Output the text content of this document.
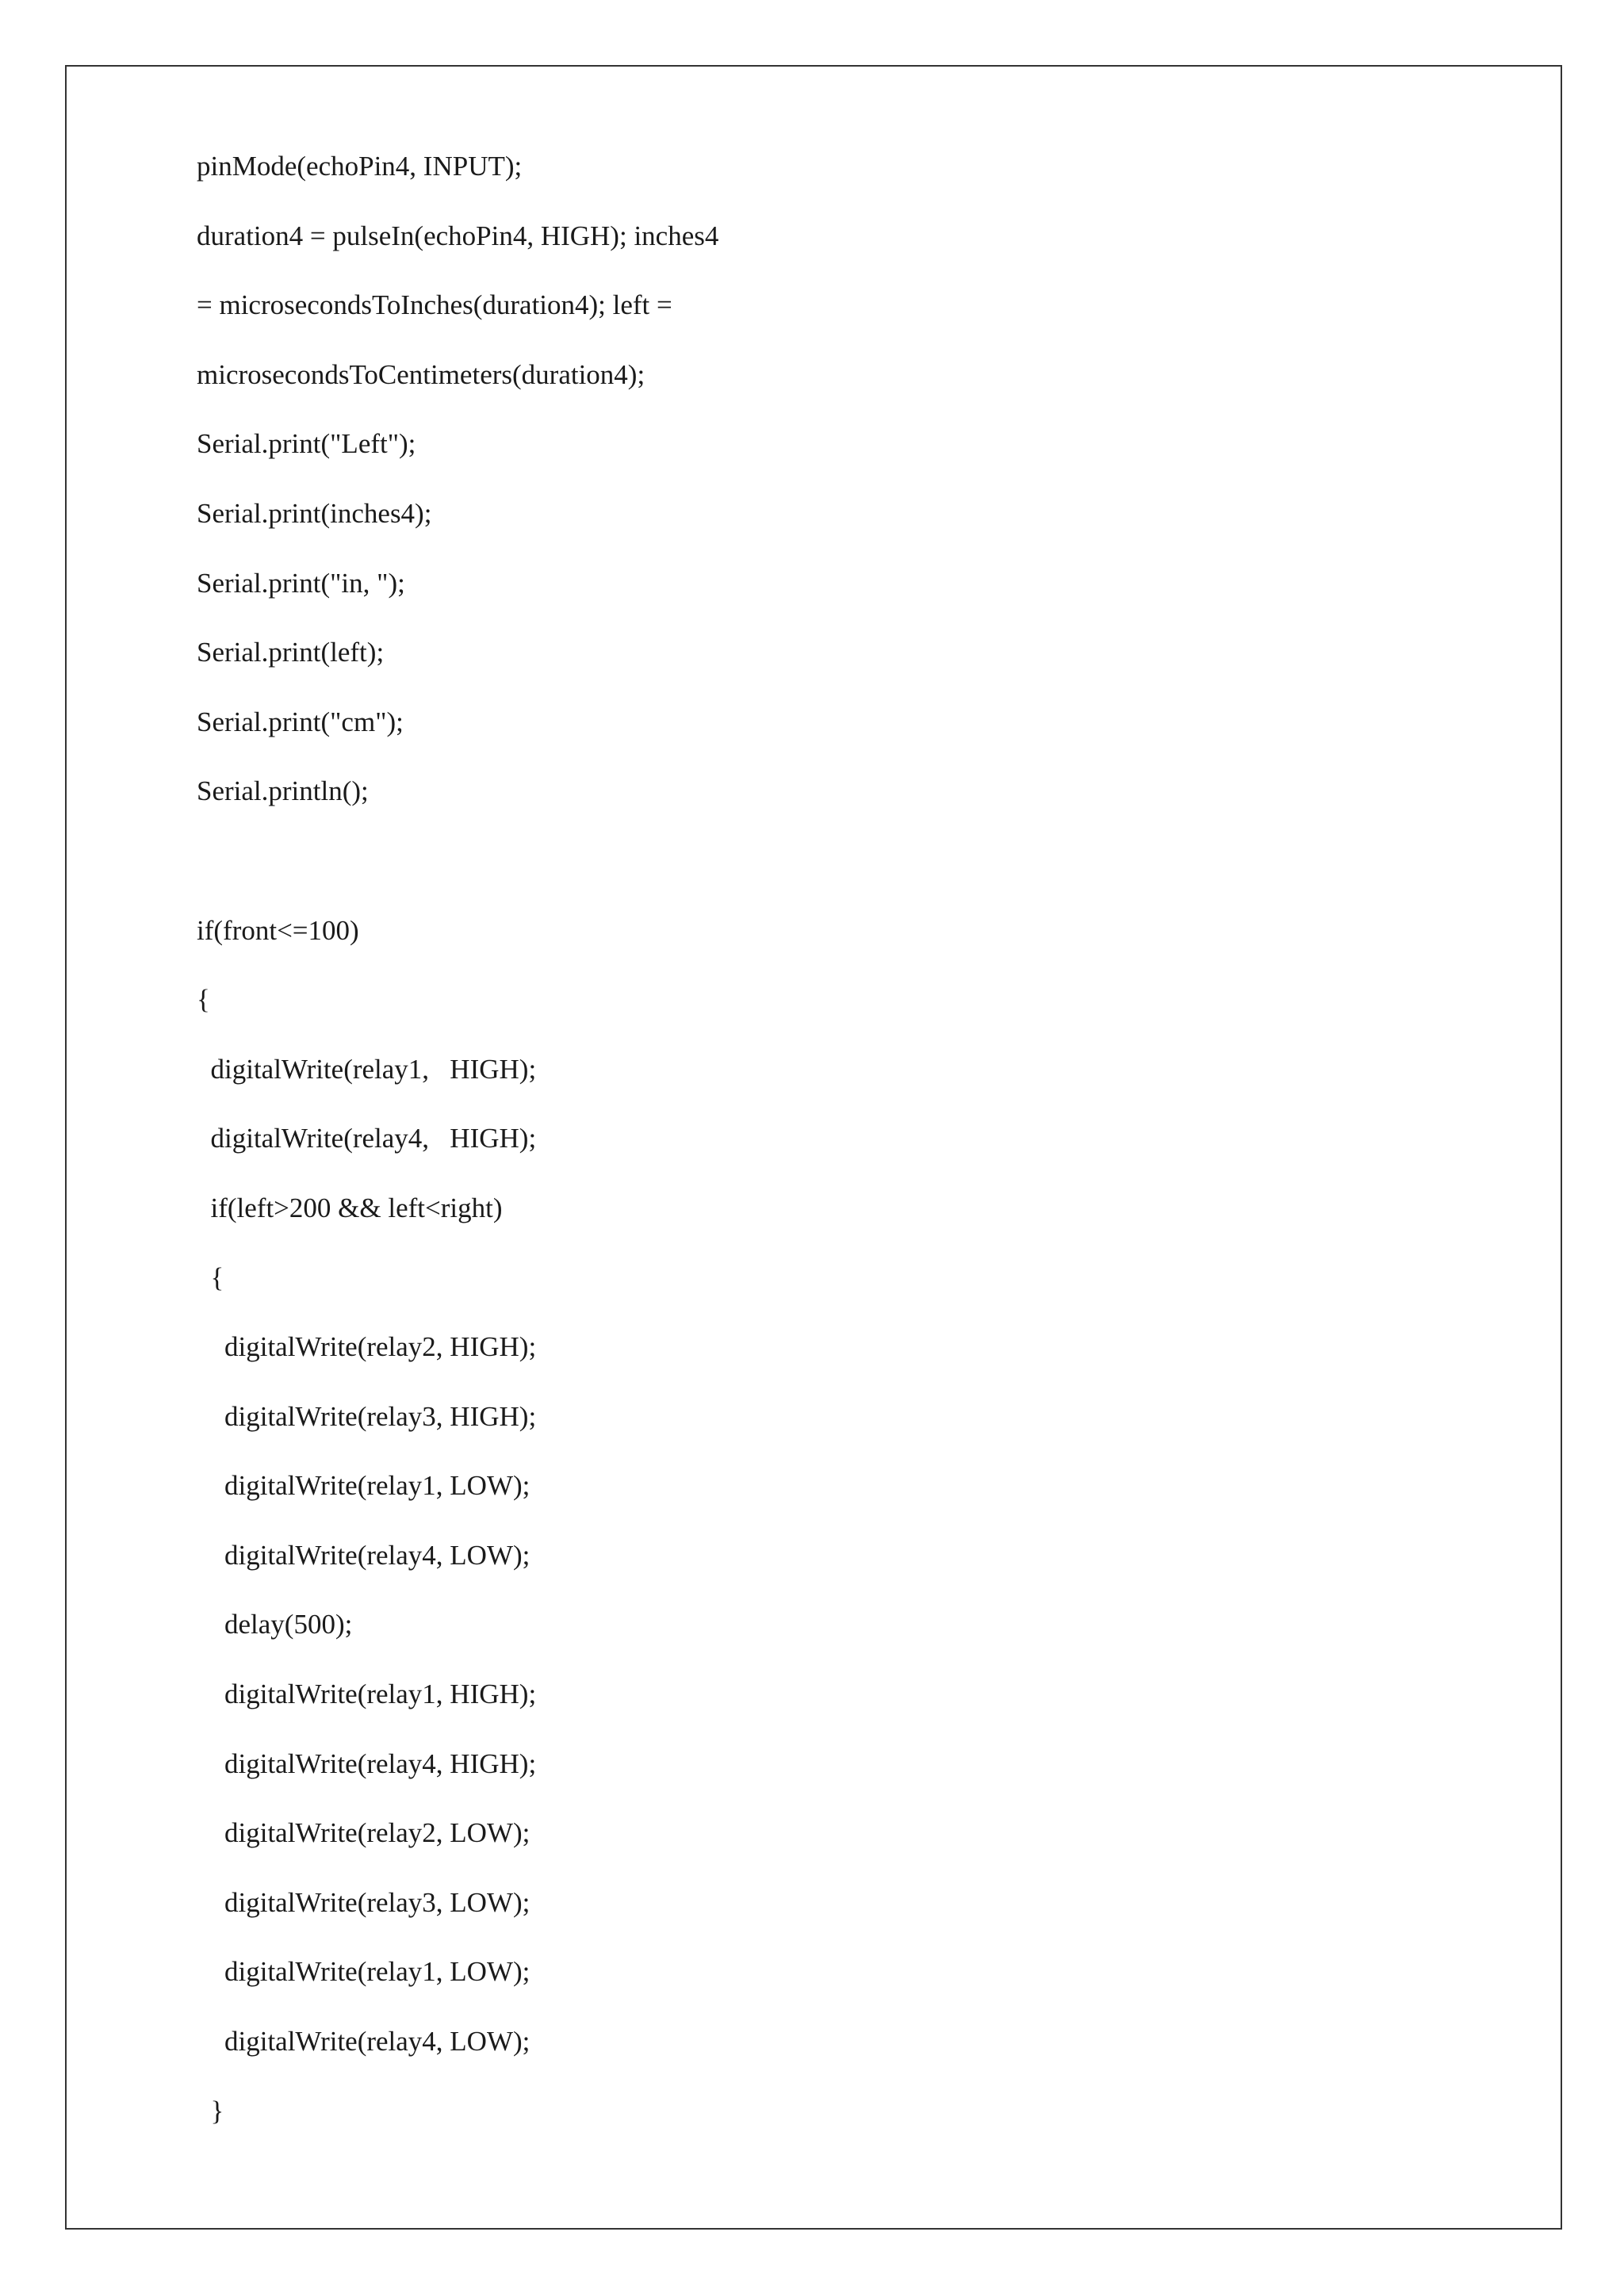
pinMode(echoPin4, INPUT);

duration4 = pulseIn(echoPin4, HIGH); inches4

= microsecondsToInches(duration4); left =

microsecondsToCentimeters(duration4);

Serial.print("Left");

Serial.print(inches4);

Serial.print("in, ");

Serial.print(left);

Serial.print("cm");

Serial.println();

if(front<=100)

{

digitalWrite(relay1,   HIGH);

digitalWrite(relay4,   HIGH);

if(left>200 && left<right)

{

digitalWrite(relay2, HIGH);

digitalWrite(relay3, HIGH);

digitalWrite(relay1, LOW);

digitalWrite(relay4, LOW);

delay(500);

digitalWrite(relay1, HIGH);

digitalWrite(relay4, HIGH);

digitalWrite(relay2, LOW);

digitalWrite(relay3, LOW);

digitalWrite(relay1, LOW);

digitalWrite(relay4, LOW);

}
